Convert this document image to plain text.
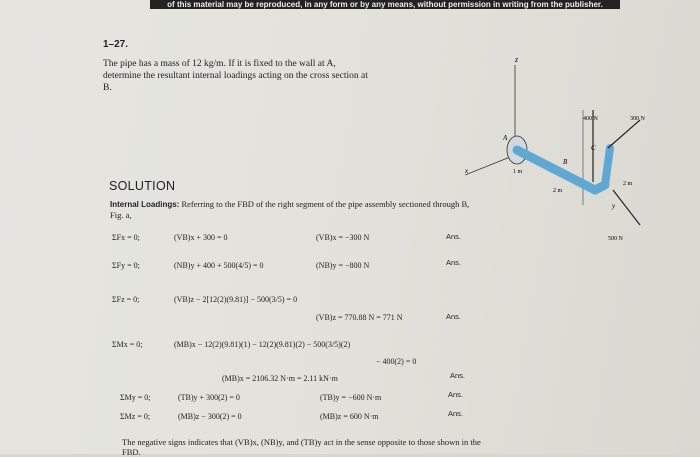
of this material may be reproduced, in any form or by any means, without permission in writing from the publisher.
1–27.
The pipe has a mass of 12 kg/m. If it is fixed to the wall at A, determine the resultant internal loadings acting on the cross section at B.
SOLUTION
Internal Loadings: Referring to the FBD of the right segment of the pipe assembly sectioned through B, Fig. a,
ΣFx = 0;	(VB)x + 300 = 0	(VB)x = −300 N	Ans.
ΣFy = 0;	(NB)y + 400 + 500(4/5) = 0	(NB)y = −800 N	Ans.
ΣFz = 0;	(VB)z − 2[12(2)(9.81)] − 500(3/5) = 0
(VB)z = 770.88 N = 771 N	Ans.
ΣMx = 0;	(MB)x − 12(2)(9.81)(1) − 12(2)(9.81)(2) − 500(3/5)(2)
− 400(2) = 0
(MB)x = 2106.32 N·m = 2.11 kN·m	Ans.
ΣMy = 0;	(TB)y + 300(2) = 0	(TB)y = −600 N·m	Ans.
ΣMz = 0;	(MB)z − 300(2) = 0	(MB)z = 600 N·m	Ans.
The negative signs indicates that (VB)x, (NB)y, and (TB)y act in the sense opposite to those shown in the FBD.
z
A
B
C
x
y
1 m
2 m
2 m
400 N	300 N
500 N
